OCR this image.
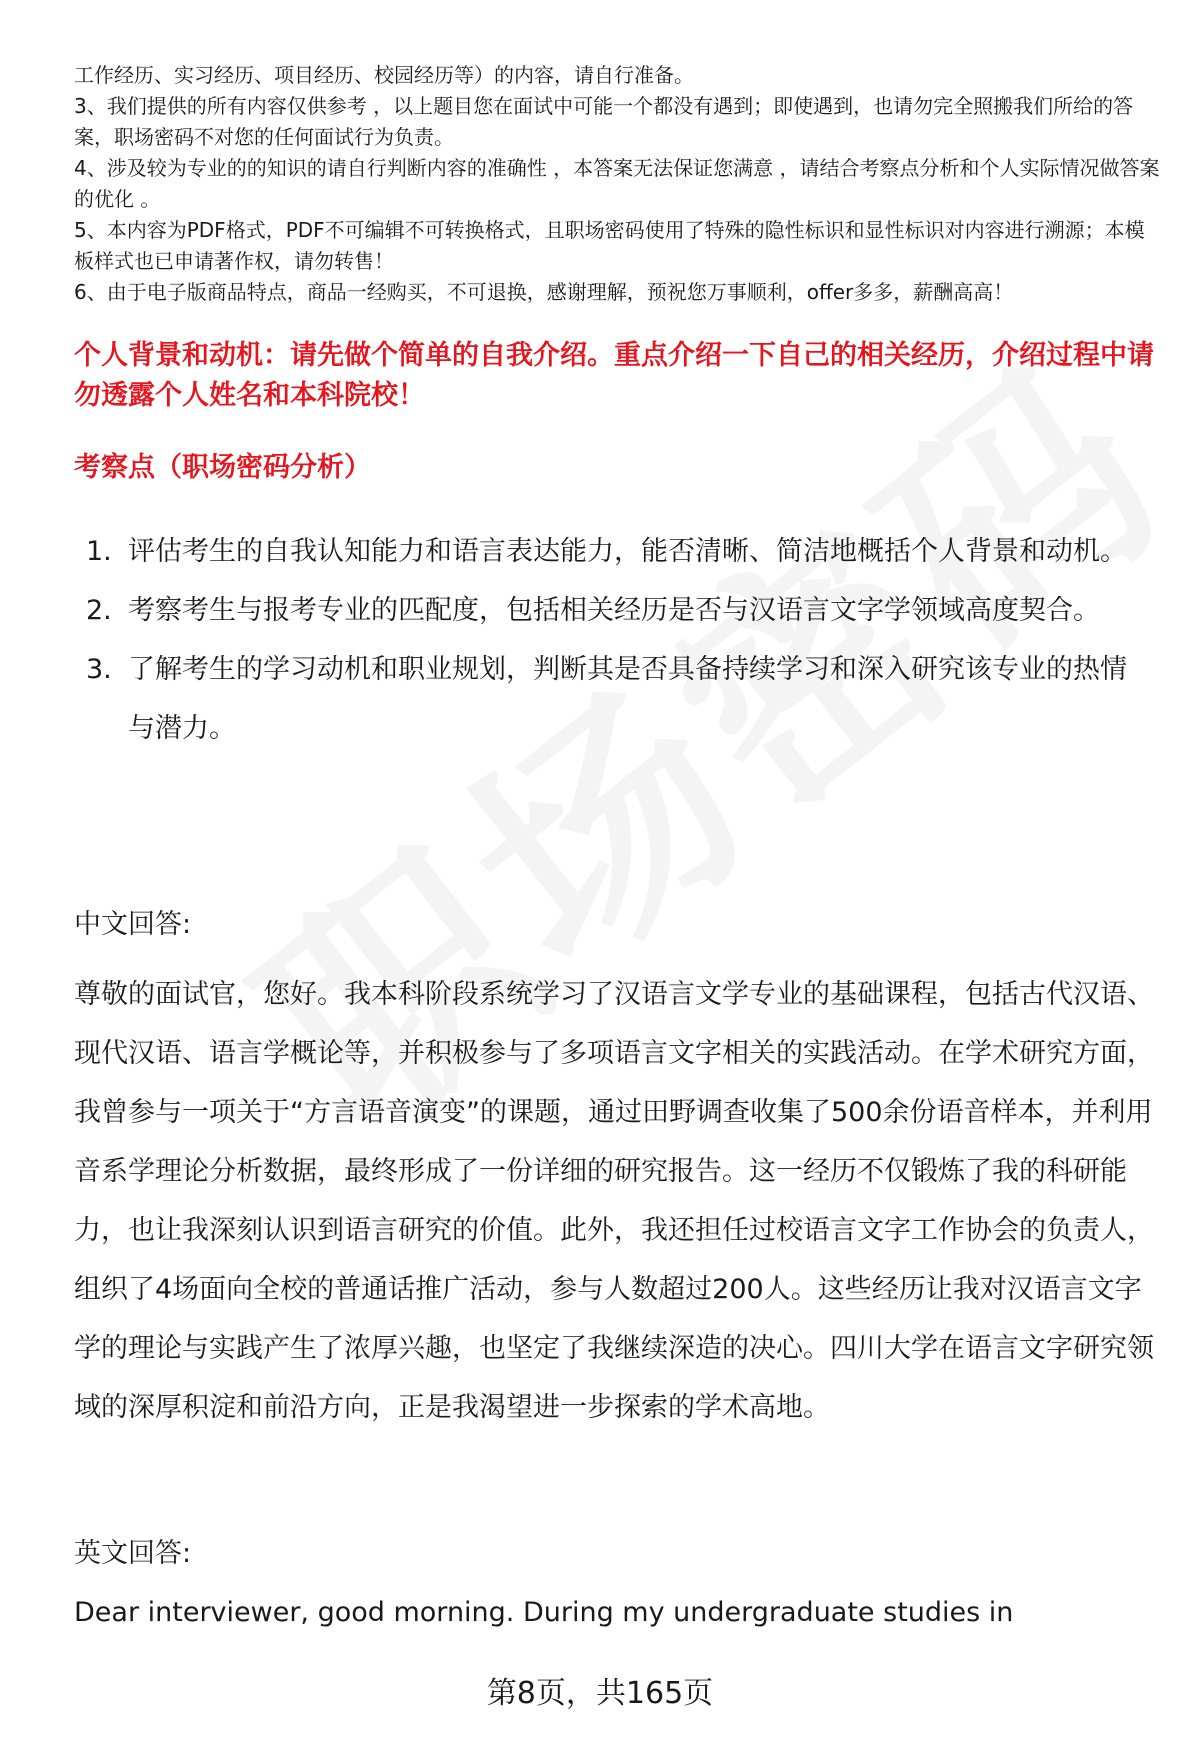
工作经历、实习经历、项目经历、校园经历等）的内容，请自行准备。

3、我们提供的所有内容仅供参考 ，以上题目您在面试中可能一个都没有遇到；即使遇到，也请勿完全照搬我们所给的答案，职场密码不对您的任何面试行为负责。

4、涉及较为专业的的知识的请自行判断内容的准确性 ，本答案无法保证您满意 ，请结合考察点分析和个人实际情况做答案的优化 。

5、本内容为PDF格式，PDF不可编辑不可转换格式，且职场密码使用了特殊的隐性标识和显性标识对内容进行溯源；本模板样式也已申请著作权，请勿转售！

6、由于电子版商品特点，商品一经购买，不可退换，感谢理解，预祝您万事顺利，offer多多，薪酬高高！

个人背景和动机：请先做个简单的自我介绍。重点介绍一下自己的相关经历，介绍过程中请勿透露个人姓名和本科院校！

考察点（职场密码分析）

1. 评估考生的自我认知能力和语言表达能力，能否清晰、简洁地概括个人背景和动机。
2. 考察考生与报考专业的匹配度，包括相关经历是否与汉语言文字学领域高度契合。
3. 了解考生的学习动机和职业规划，判断其是否具备持续学习和深入研究该专业的热情与潜力。

中文回答:

尊敬的面试官，您好。我本科阶段系统学习了汉语言文学专业的基础课程，包括古代汉语、现代汉语、语言学概论等，并积极参与了多项语言文字相关的实践活动。在学术研究方面，我曾参与一项关于“方言语音演变”的课题，通过田野调查收集了500余份语音样本，并利用音系学理论分析数据，最终形成了一份详细的研究报告。这一经历不仅锻炼了我的科研能力，也让我深刻认识到语言研究的价值。此外，我还担任过校语言文字工作协会的负责人，组织了4场面向全校的普通话推广活动，参与人数超过200人。这些经历让我对汉语言文字学的理论与实践产生了浓厚兴趣，也坚定了我继续深造的决心。四川大学在语言文字研究领域的深厚积淀和前沿方向，正是我渴望进一步探索的学术高地。

英文回答:

Dear interviewer, good morning. During my undergraduate studies in

第8页，共165页
